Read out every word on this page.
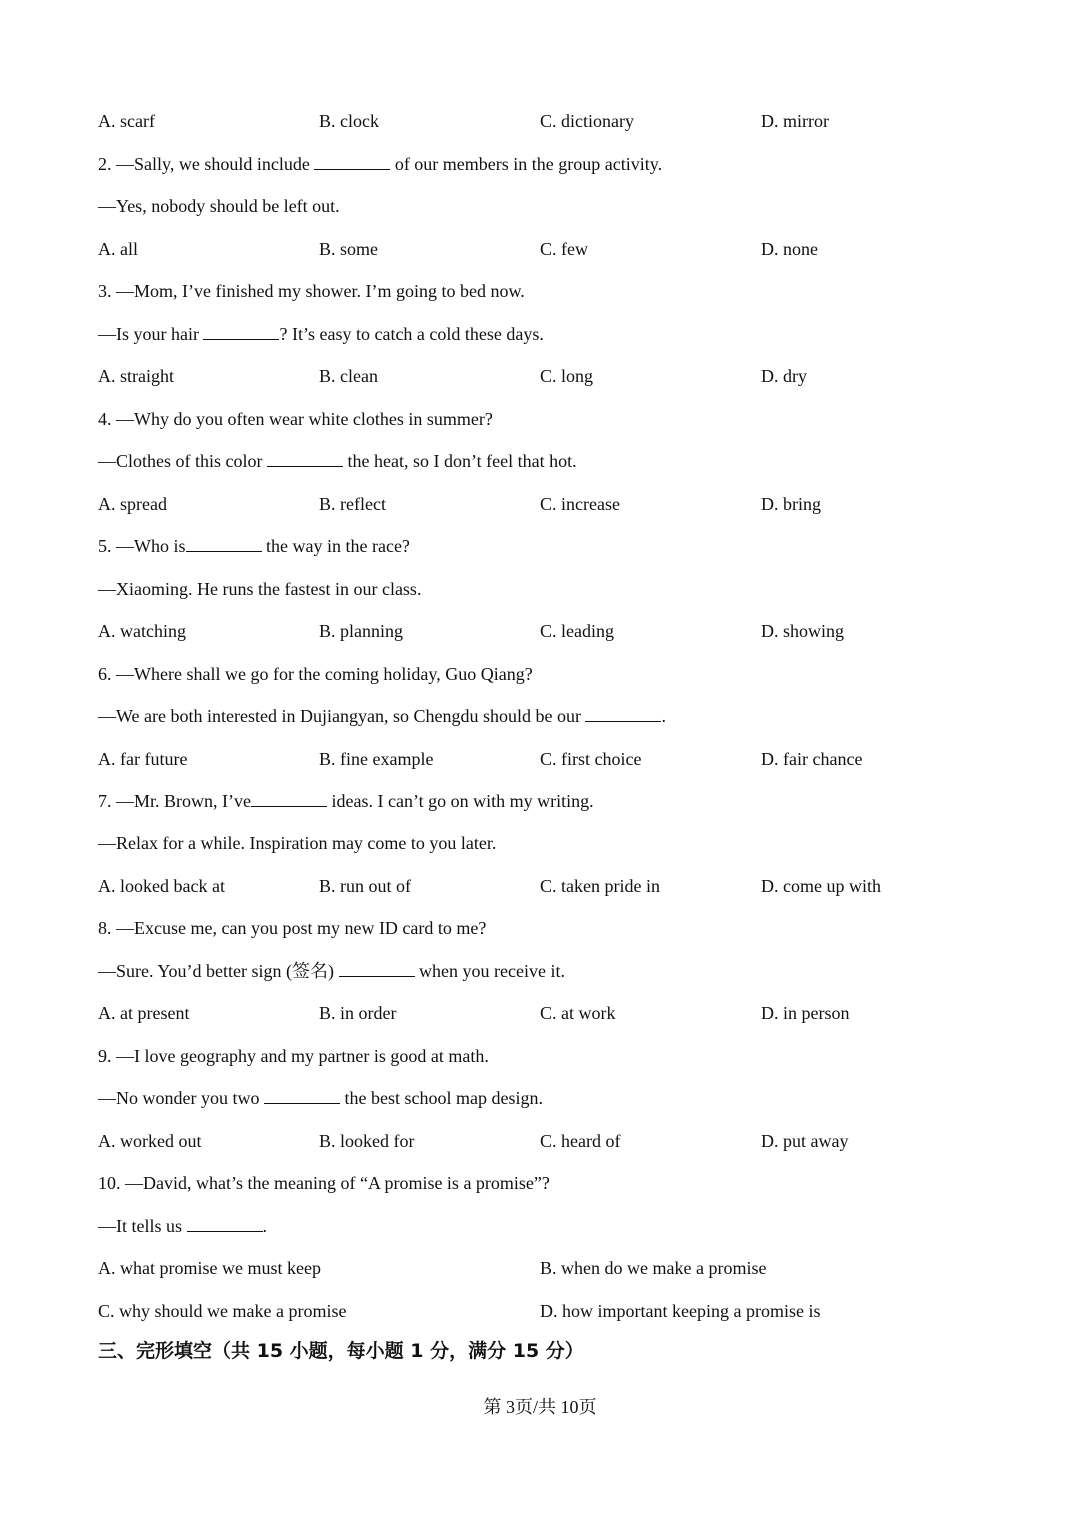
A. scarf	B. clock	C. dictionary	D. mirror
2. —Sally, we should include	of our members in the group activity.
—Yes, nobody should be left out.
A. all	B. some	C. few	D. none
3. —Mom, I’ve finished my shower. I’m going to bed now.
—Is your hair	? It’s easy to catch a cold these days.
A. straight	B. clean	C. long	D. dry
4. —Why do you often wear white clothes in summer?
—Clothes of this color	the heat, so I don’t feel that hot.
A. spread	B. reflect	C. increase	D. bring
5. —Who is	the way in the race?
—Xiaoming. He runs the fastest in our class.
A. watching	B. planning	C. leading	D. showing
6. —Where shall we go for the coming holiday, Guo Qiang?
—We are both interested in Dujiangyan, so Chengdu should be our	.
A. far future	B. fine example	C. first choice	D. fair chance
7. —Mr. Brown, I’ve	ideas. I can’t go on with my writing.
—Relax for a while. Inspiration may come to you later.
A. looked back at	B. run out of	C. taken pride in	D. come up with
8. —Excuse me, can you post my new ID card to me?
—Sure. You’d better sign (签名)	when you receive it.
A. at present	B. in order	C. at work	D. in person
9. —I love geography and my partner is good at math.
—No wonder you two	the best school map design.
A. worked out	B. looked for	C. heard of	D. put away
10. —David, what’s the meaning of “A promise is a promise”?
—It tells us	.
A. what promise we must keep	B. when do we make a promise
C. why should we make a promise	D. how important keeping a promise is
三、完形填空（共 15 小题，每小题 1 分，满分 15 分）
第 3页/共 10页
